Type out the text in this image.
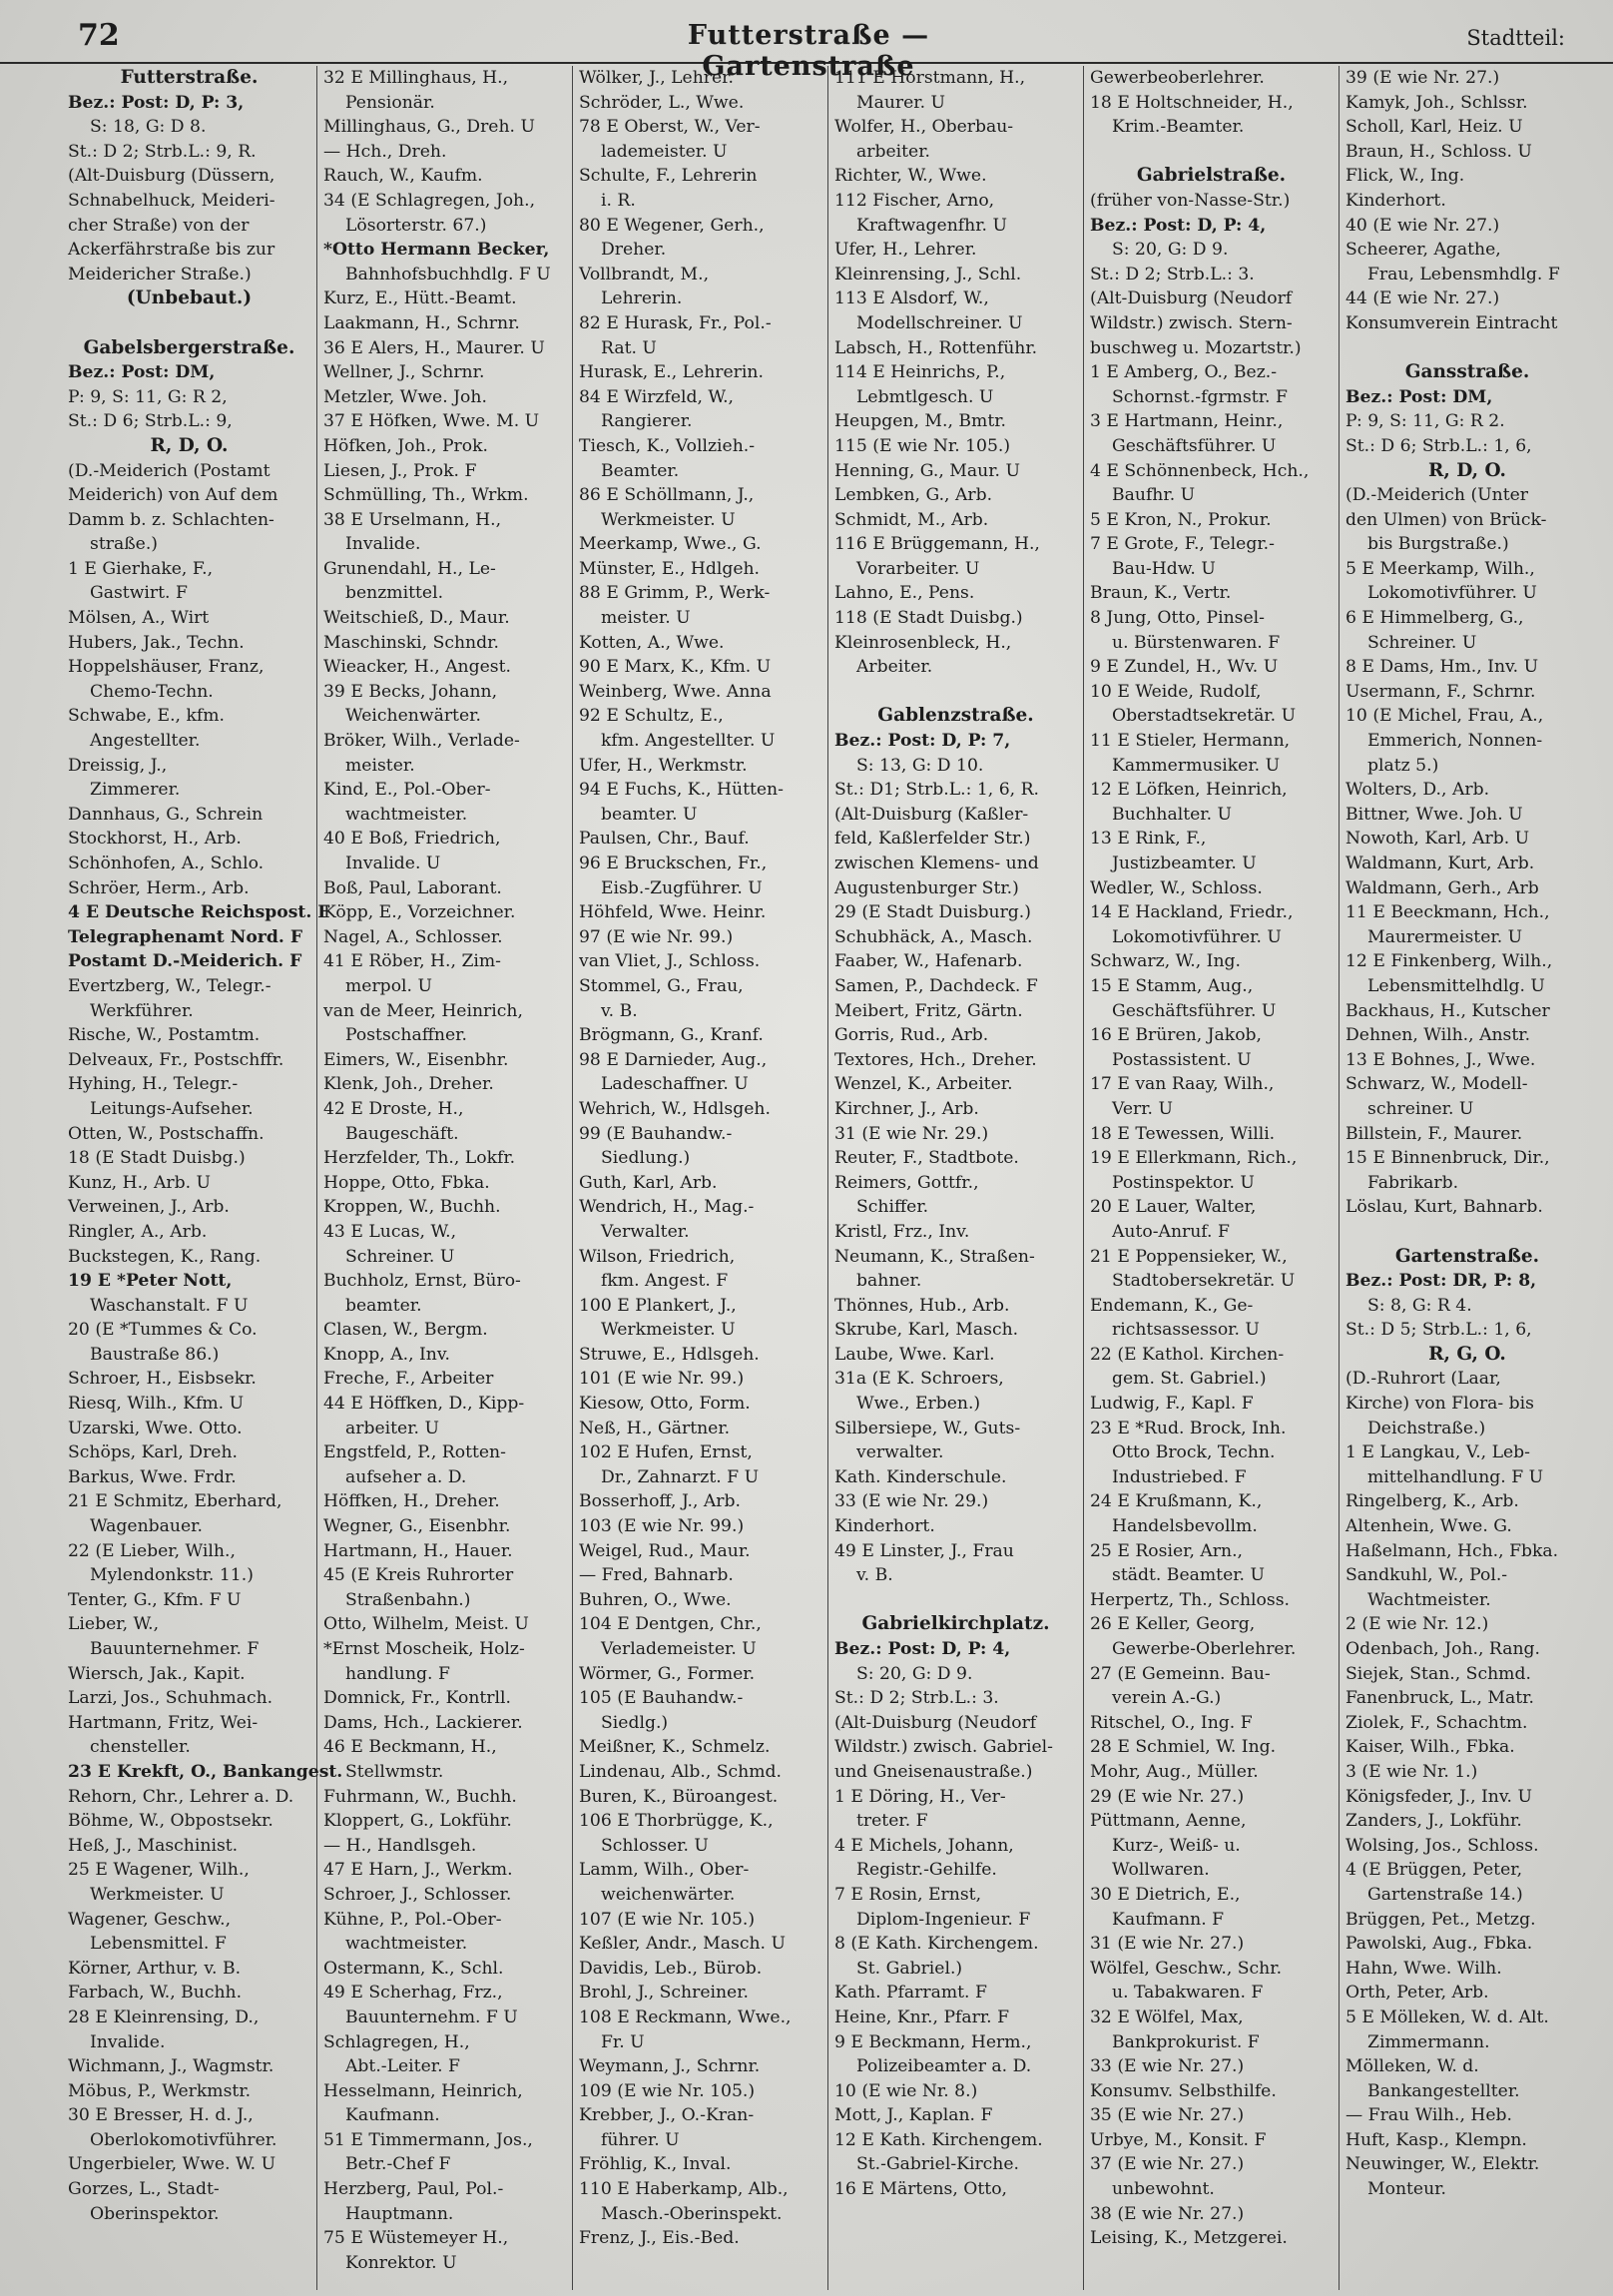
72	Futterstraße — Gartenstraße
Stadtteil:
Futterstraße.
Bez.: Post: D, P: 3,
S: 18, G: D 8.
St.: D 2; Strb.L.: 9, R.
(Alt-Duisburg (Düssern,
Schnabelhuck, Meideri-
cher Straße) von der
Ackerfährstraße bis zur
Meidericher Straße.)
(Unbebaut.)
Gabelsbergerstraße.
Bez.: Post: DM,
P: 9, S: 11, G: R 2,
St.: D 6; Strb.L.: 9,
R, D, O.
(D.-Meiderich (Postamt
Meiderich) von Auf dem
Damm b. z. Schlachten-
straße.)
1 E Gierhake, F.,
Gastwirt. F
Mölsen, A., Wirt
Hubers, Jak., Techn.
Hoppelshäuser, Franz,
Chemo-Techn.
Schwabe, E., kfm.
Angestellter.
Dreissig, J.,
Zimmerer.
Dannhaus, G., Schrein
Stockhorst, H., Arb.
Schönhofen, A., Schlo.
Schröer, Herm., Arb.
4 E Deutsche Reichspost. F
Telegraphenamt Nord. F
Postamt D.-Meiderich. F
Evertzberg, W., Telegr.-
Werkführer.
Rische, W., Postamtm.
Delveaux, Fr., Postschffr.
Hyhing, H., Telegr.-
Leitungs-Aufseher.
Otten, W., Postschaffn.
18 (E Stadt Duisbg.)
Kunz, H., Arb. U
Verweinen, J., Arb.
Ringler, A., Arb.
Buckstegen, K., Rang.
19 E *Peter Nott,
Waschanstalt. F U
20 (E *Tummes & Co.
Baustraße 86.)
Schroer, H., Eisbsekr.
Riesq, Wilh., Kfm. U
Uzarski, Wwe. Otto.
Schöps, Karl, Dreh.
Barkus, Wwe. Frdr.
21 E Schmitz, Eberhard,
Wagenbauer.
22 (E Lieber, Wilh.,
Mylendonkstr. 11.)
Tenter, G., Kfm. F U
Lieber, W.,
Bauunternehmer. F
Wiersch, Jak., Kapit.
Larzi, Jos., Schuhmach.
Hartmann, Fritz, Wei-
chensteller.
23 E Krekft, O., Bankangest.
Rehorn, Chr., Lehrer a. D.
Böhme, W., Obpostsekr.
Heß, J., Maschinist.
25 E Wagener, Wilh.,
Werkmeister. U
Wagener, Geschw.,
Lebensmittel. F
Körner, Arthur, v. B.
Farbach, W., Buchh.
28 E Kleinrensing, D.,
Invalide.
Wichmann, J., Wagmstr.
Möbus, P., Werkmstr.
30 E Bresser, H. d. J.,
Oberlokomotivführer.
Ungerbieler, Wwe. W. U
Gorzes, L., Stadt-
Oberinspektor.
32 E Millinghaus, H.,
Pensionär.
Millinghaus, G., Dreh. U
— Hch., Dreh.
Rauch, W., Kaufm.
34 (E Schlagregen, Joh.,
Lösorterstr. 67.)
*Otto Hermann Becker,
Bahnhofsbuchhdlg. F U
Kurz, E., Hütt.-Beamt.
Laakmann, H., Schrnr.
36 E Alers, H., Maurer. U
Wellner, J., Schrnr.
Metzler, Wwe. Joh.
37 E Höfken, Wwe. M. U
Höfken, Joh., Prok.
Liesen, J., Prok. F
Schmülling, Th., Wrkm.
38 E Urselmann, H.,
Invalide.
Grunendahl, H., Le-
benzmittel.
Weitschieß, D., Maur.
Maschinski, Schndr.
Wieacker, H., Angest.
39 E Becks, Johann,
Weichenwärter.
Bröker, Wilh., Verlade-
meister.
Kind, E., Pol.-Ober-
wachtmeister.
40 E Boß, Friedrich,
Invalide. U
Boß, Paul, Laborant.
Köpp, E., Vorzeichner.
Nagel, A., Schlosser.
41 E Röber, H., Zim-
merpol. U
van de Meer, Heinrich,
Postschaffner.
Eimers, W., Eisenbhr.
Klenk, Joh., Dreher.
42 E Droste, H.,
Baugeschäft.
Herzfelder, Th., Lokfr.
Hoppe, Otto, Fbka.
Kroppen, W., Buchh.
43 E Lucas, W.,
Schreiner. U
Buchholz, Ernst, Büro-
beamter.
Clasen, W., Bergm.
Knopp, A., Inv.
Freche, F., Arbeiter
44 E Höffken, D., Kipp-
arbeiter. U
Engstfeld, P., Rotten-
aufseher a. D.
Höffken, H., Dreher.
Wegner, G., Eisenbhr.
Hartmann, H., Hauer.
45 (E Kreis Ruhrorter
Straßenbahn.)
Otto, Wilhelm, Meist. U
*Ernst Moscheik, Holz-
handlung. F
Domnick, Fr., Kontrll.
Dams, Hch., Lackierer.
46 E Beckmann, H.,
Stellwmstr.
Fuhrmann, W., Buchh.
Kloppert, G., Lokführ.
— H., Handlsgeh.
47 E Harn, J., Werkm.
Schroer, J., Schlosser.
Kühne, P., Pol.-Ober-
wachtmeister.
Ostermann, K., Schl.
49 E Scherhag, Frz.,
Bauunternehm. F U
Schlagregen, H.,
Abt.-Leiter. F
Hesselmann, Heinrich,
Kaufmann.
51 E Timmermann, Jos.,
Betr.-Chef F
Herzberg, Paul, Pol.-
Hauptmann.
75 E Wüstemeyer H.,
Konrektor. U
Wölker, J., Lehrer.
Schröder, L., Wwe.
78 E Oberst, W., Ver-
lademeister. U
Schulte, F., Lehrerin
i. R.
80 E Wegener, Gerh.,
Dreher.
Vollbrandt, M.,
Lehrerin.
82 E Hurask, Fr., Pol.-
Rat. U
Hurask, E., Lehrerin.
84 E Wirzfeld, W.,
Rangierer.
Tiesch, K., Vollzieh.-
Beamter.
86 E Schöllmann, J.,
Werkmeister. U
Meerkamp, Wwe., G.
Münster, E., Hdlgeh.
88 E Grimm, P., Werk-
meister. U
Kotten, A., Wwe.
90 E Marx, K., Kfm. U
Weinberg, Wwe. Anna
92 E Schultz, E.,
kfm. Angestellter. U
Ufer, H., Werkmstr.
94 E Fuchs, K., Hütten-
beamter. U
Paulsen, Chr., Bauf.
96 E Bruckschen, Fr.,
Eisb.-Zugführer. U
Höhfeld, Wwe. Heinr.
97 (E wie Nr. 99.)
van Vliet, J., Schloss.
Stommel, G., Frau,
v. B.
Brögmann, G., Kranf.
98 E Darnieder, Aug.,
Ladeschaffner. U
Wehrich, W., Hdlsgeh.
99 (E Bauhandw.-
Siedlung.)
Guth, Karl, Arb.
Wendrich, H., Mag.-
Verwalter.
Wilson, Friedrich,
fkm. Angest. F
100 E Plankert, J.,
Werkmeister. U
Struwe, E., Hdlsgeh.
101 (E wie Nr. 99.)
Kiesow, Otto, Form.
Neß, H., Gärtner.
102 E Hufen, Ernst,
Dr., Zahnarzt. F U
Bosserhoff, J., Arb.
103 (E wie Nr. 99.)
Weigel, Rud., Maur.
— Fred, Bahnarb.
Buhren, O., Wwe.
104 E Dentgen, Chr.,
Verlademeister. U
Wörmer, G., Former.
105 (E Bauhandw.-
Siedlg.)
Meißner, K., Schmelz.
Lindenau, Alb., Schmd.
Buren, K., Büroangest.
106 E Thorbrügge, K.,
Schlosser. U
Lamm, Wilh., Ober-
weichenwärter.
107 (E wie Nr. 105.)
Keßler, Andr., Masch. U
Davidis, Leb., Bürob.
Brohl, J., Schreiner.
108 E Reckmann, Wwe.,
Fr. U
Weymann, J., Schrnr.
109 (E wie Nr. 105.)
Krebber, J., O.-Kran-
führer. U
Fröhlig, K., Inval.
110 E Haberkamp, Alb.,
Masch.-Oberinspekt.
Frenz, J., Eis.-Bed.
111 E Horstmann, H.,
Maurer. U
Wolfer, H., Oberbau-
arbeiter.
Richter, W., Wwe.
112 Fischer, Arno,
Kraftwagenfhr. U
Ufer, H., Lehrer.
Kleinrensing, J., Schl.
113 E Alsdorf, W.,
Modellschreiner. U
Labsch, H., Rottenführ.
114 E Heinrichs, P.,
Lebmtlgesch. U
Heupgen, M., Bmtr.
115 (E wie Nr. 105.)
Henning, G., Maur. U
Lembken, G., Arb.
Schmidt, M., Arb.
116 E Brüggemann, H.,
Vorarbeiter. U
Lahno, E., Pens.
118 (E Stadt Duisbg.)
Kleinrosenbleck, H.,
Arbeiter.
Gablenzstraße.
Bez.: Post: D, P: 7,
S: 13, G: D 10.
St.: D1; Strb.L.: 1, 6, R.
(Alt-Duisburg (Kaßler-
feld, Kaßlerfelder Str.)
zwischen Klemens- und
Augustenburger Str.)
29 (E Stadt Duisburg.)
Schubhäck, A., Masch.
Faaber, W., Hafenarb.
Samen, P., Dachdeck. F
Meibert, Fritz, Gärtn.
Gorris, Rud., Arb.
Textores, Hch., Dreher.
Wenzel, K., Arbeiter.
Kirchner, J., Arb.
31 (E wie Nr. 29.)
Reuter, F., Stadtbote.
Reimers, Gottfr.,
Schiffer.
Kristl, Frz., Inv.
Neumann, K., Straßen-
bahner.
Thönnes, Hub., Arb.
Skrube, Karl, Masch.
Laube, Wwe. Karl.
31a (E K. Schroers,
Wwe., Erben.)
Silbersiepe, W., Guts-
verwalter.
Kath. Kinderschule.
33 (E wie Nr. 29.)
Kinderhort.
49 E Linster, J., Frau
v. B.
Gabrielkirchplatz.
Bez.: Post: D, P: 4,
S: 20, G: D 9.
St.: D 2; Strb.L.: 3.
(Alt-Duisburg (Neudorf
Wildstr.) zwisch. Gabriel-
und Gneisenaustraße.)
1 E Döring, H., Ver-
treter. F
4 E Michels, Johann,
Registr.-Gehilfe.
7 E Rosin, Ernst,
Diplom-Ingenieur. F
8 (E Kath. Kirchengem.
St. Gabriel.)
Kath. Pfarramt. F
Heine, Knr., Pfarr. F
9 E Beckmann, Herm.,
Polizeibeamter a. D.
10 (E wie Nr. 8.)
Mott, J., Kaplan. F
12 E Kath. Kirchengem.
St.-Gabriel-Kirche.
16 E Märtens, Otto,
Gewerbeoberlehrer.
18 E Holtschneider, H.,
Krim.-Beamter.
Gabrielstraße.
(früher von-Nasse-Str.)
Bez.: Post: D, P: 4,
S: 20, G: D 9.
St.: D 2; Strb.L.: 3.
(Alt-Duisburg (Neudorf
Wildstr.) zwisch. Stern-
buschweg u. Mozartstr.)
1 E Amberg, O., Bez.-
Schornst.-fgrmstr. F
3 E Hartmann, Heinr.,
Geschäftsführer. U
4 E Schönnenbeck, Hch.,
Baufhr. U
5 E Kron, N., Prokur.
7 E Grote, F., Telegr.-
Bau-Hdw. U
Braun, K., Vertr.
8 Jung, Otto, Pinsel-
u. Bürstenwaren. F
9 E Zundel, H., Wv. U
10 E Weide, Rudolf,
Oberstadtsekretär. U
11 E Stieler, Hermann,
Kammermusiker. U
12 E Löfken, Heinrich,
Buchhalter. U
13 E Rink, F.,
Justizbeamter. U
Wedler, W., Schloss.
14 E Hackland, Friedr.,
Lokomotivführer. U
Schwarz, W., Ing.
15 E Stamm, Aug.,
Geschäftsführer. U
16 E Brüren, Jakob,
Postassistent. U
17 E van Raay, Wilh.,
Verr. U
18 E Tewessen, Willi.
19 E Ellerkmann, Rich.,
Postinspektor. U
20 E Lauer, Walter,
Auto-Anruf. F
21 E Poppensieker, W.,
Stadtobersekretär. U
Endemann, K., Ge-
richtsassessor. U
22 (E Kathol. Kirchen-
gem. St. Gabriel.)
Ludwig, F., Kapl. F
23 E *Rud. Brock, Inh.
Otto Brock, Techn.
Industriebed. F
24 E Krußmann, K.,
Handelsbevollm.
25 E Rosier, Arn.,
städt. Beamter. U
Herpertz, Th., Schloss.
26 E Keller, Georg,
Gewerbe-Oberlehrer.
27 (E Gemeinn. Bau-
verein A.-G.)
Ritschel, O., Ing. F
28 E Schmiel, W. Ing.
Mohr, Aug., Müller.
29 (E wie Nr. 27.)
Püttmann, Aenne,
Kurz-, Weiß- u.
Wollwaren.
30 E Dietrich, E.,
Kaufmann. F
31 (E wie Nr. 27.)
Wölfel, Geschw., Schr.
u. Tabakwaren. F
32 E Wölfel, Max,
Bankprokurist. F
33 (E wie Nr. 27.)
Konsumv. Selbsthilfe.
35 (E wie Nr. 27.)
Urbye, M., Konsit. F
37 (E wie Nr. 27.)
unbewohnt.
38 (E wie Nr. 27.)
Leising, K., Metzgerei.
39 (E wie Nr. 27.)
Kamyk, Joh., Schlssr.
Scholl, Karl, Heiz. U
Braun, H., Schloss. U
Flick, W., Ing.
Kinderhort.
40 (E wie Nr. 27.)
Scheerer, Agathe,
Frau, Lebensmhdlg. F
44 (E wie Nr. 27.)
Konsumverein Eintracht
Gansstraße.
Bez.: Post: DM,
P: 9, S: 11, G: R 2.
St.: D 6; Strb.L.: 1, 6,
R, D, O.
(D.-Meiderich (Unter
den Ulmen) von Brück-
bis Burgstraße.)
5 E Meerkamp, Wilh.,
Lokomotivführer. U
6 E Himmelberg, G.,
Schreiner. U
8 E Dams, Hm., Inv. U
Usermann, F., Schrnr.
10 (E Michel, Frau, A.,
Emmerich, Nonnen-
platz 5.)
Wolters, D., Arb.
Bittner, Wwe. Joh. U
Nowoth, Karl, Arb. U
Waldmann, Kurt, Arb.
Waldmann, Gerh., Arb
11 E Beeckmann, Hch.,
Maurermeister. U
12 E Finkenberg, Wilh.,
Lebensmittelhdlg. U
Backhaus, H., Kutscher
Dehnen, Wilh., Anstr.
13 E Bohnes, J., Wwe.
Schwarz, W., Modell-
schreiner. U
Billstein, F., Maurer.
15 E Binnenbruck, Dir.,
Fabrikarb.
Löslau, Kurt, Bahnarb.
Gartenstraße.
Bez.: Post: DR, P: 8,
S: 8, G: R 4.
St.: D 5; Strb.L.: 1, 6,
R, G, O.
(D.-Ruhrort (Laar,
Kirche) von Flora- bis
Deichstraße.)
1 E Langkau, V., Leb-
mittelhandlung. F U
Ringelberg, K., Arb.
Altenhein, Wwe. G.
Haßelmann, Hch., Fbka.
Sandkuhl, W., Pol.-
Wachtmeister.
2 (E wie Nr. 12.)
Odenbach, Joh., Rang.
Siejek, Stan., Schmd.
Fanenbruck, L., Matr.
Ziolek, F., Schachtm.
Kaiser, Wilh., Fbka.
3 (E wie Nr. 1.)
Königsfeder, J., Inv. U
Zanders, J., Lokführ.
Wolsing, Jos., Schloss.
4 (E Brüggen, Peter,
Gartenstraße 14.)
Brüggen, Pet., Metzg.
Pawolski, Aug., Fbka.
Hahn, Wwe. Wilh.
Orth, Peter, Arb.
5 E Mölleken, W. d. Alt.
Zimmermann.
Mölleken, W. d.
Bankangestellter.
— Frau Wilh., Heb.
Huft, Kasp., Klempn.
Neuwinger, W., Elektr.
Monteur.
